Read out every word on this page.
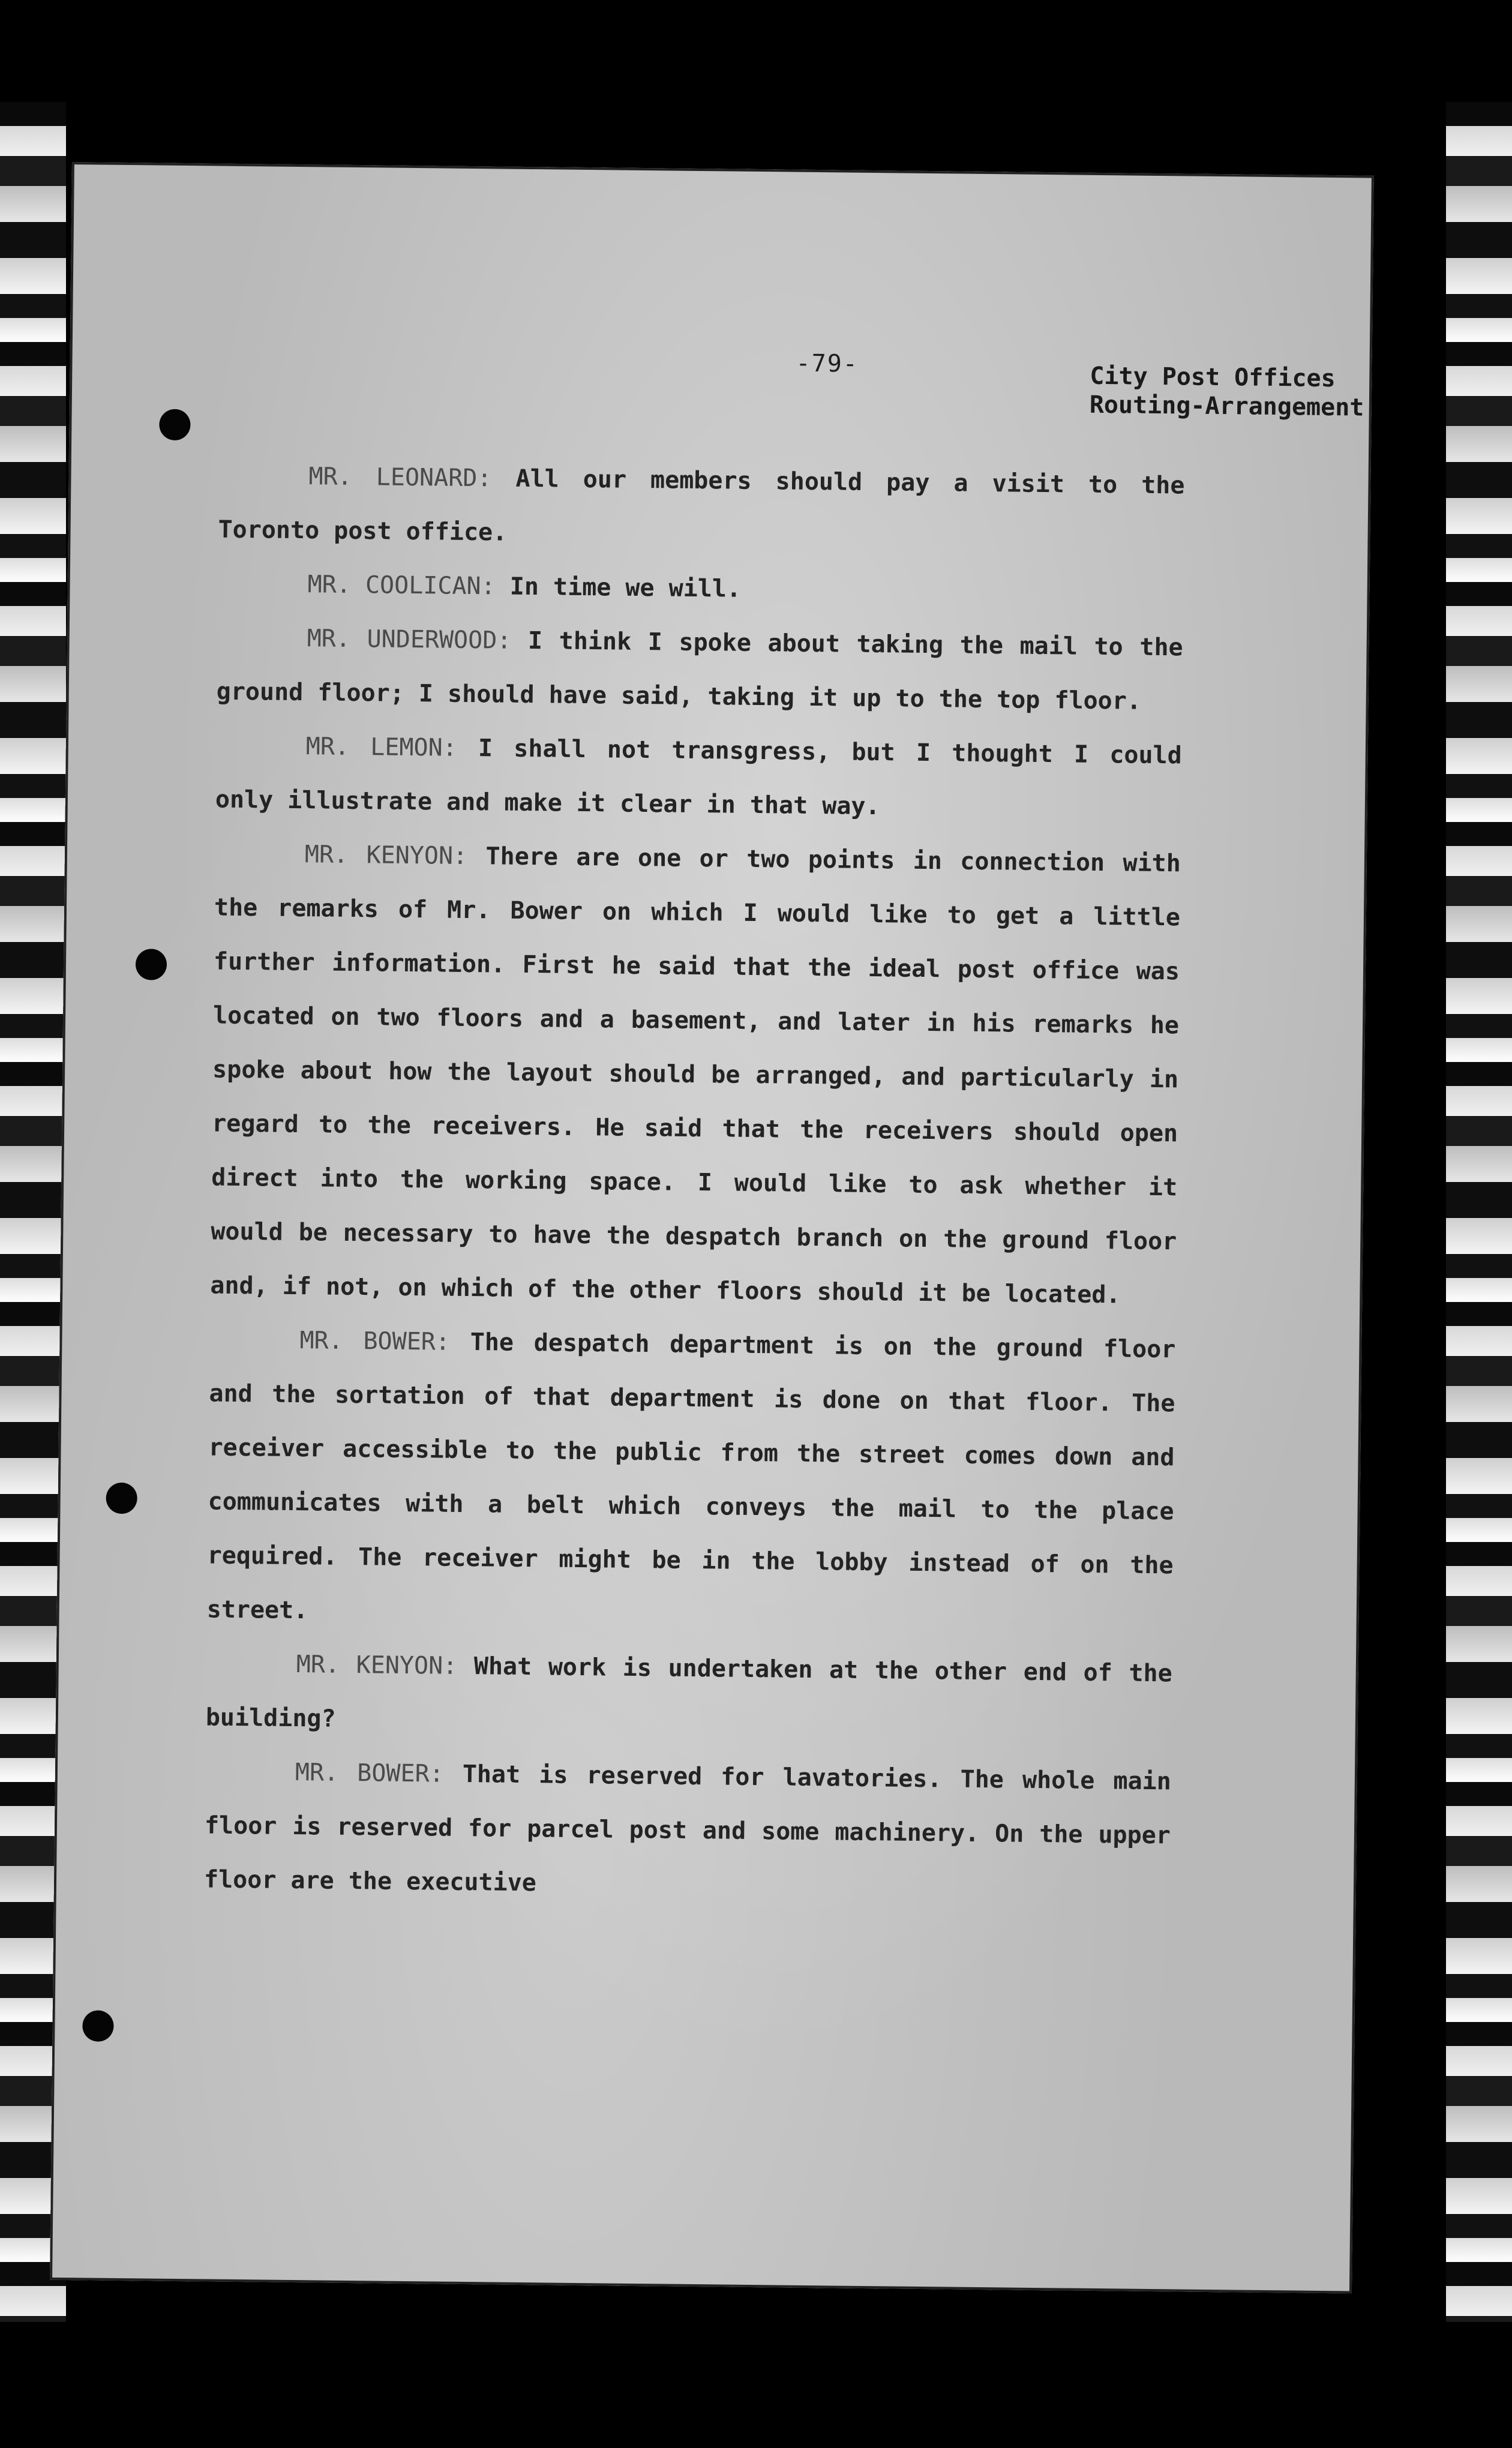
-79-	City Post Offices
Routing-Arrangement

MR. LEONARD: All our members should pay a visit to the Toronto post office.

MR. COOLICAN: In time we will.

MR. UNDERWOOD: I think I spoke about taking the mail to the ground floor; I should have said, taking it up to the top floor.

MR. LEMON: I shall not transgress, but I thought I could only illustrate and make it clear in that way.

MR. KENYON: There are one or two points in connection with the remarks of Mr. Bower on which I would like to get a little further information. First he said that the ideal post office was located on two floors and a basement, and later in his remarks he spoke about how the layout should be arranged, and particularly in regard to the receivers. He said that the receivers should open direct into the working space. I would like to ask whether it would be necessary to have the despatch branch on the ground floor and, if not, on which of the other floors should it be located.

MR. BOWER: The despatch department is on the ground floor and the sortation of that department is done on that floor. The receiver accessible to the public from the street comes down and communicates with a belt which conveys the mail to the place required. The receiver might be in the lobby instead of on the street.

MR. KENYON: What work is undertaken at the other end of the building?

MR. BOWER: That is reserved for lavatories. The whole main floor is reserved for parcel post and some machinery. On the upper floor are the executive
